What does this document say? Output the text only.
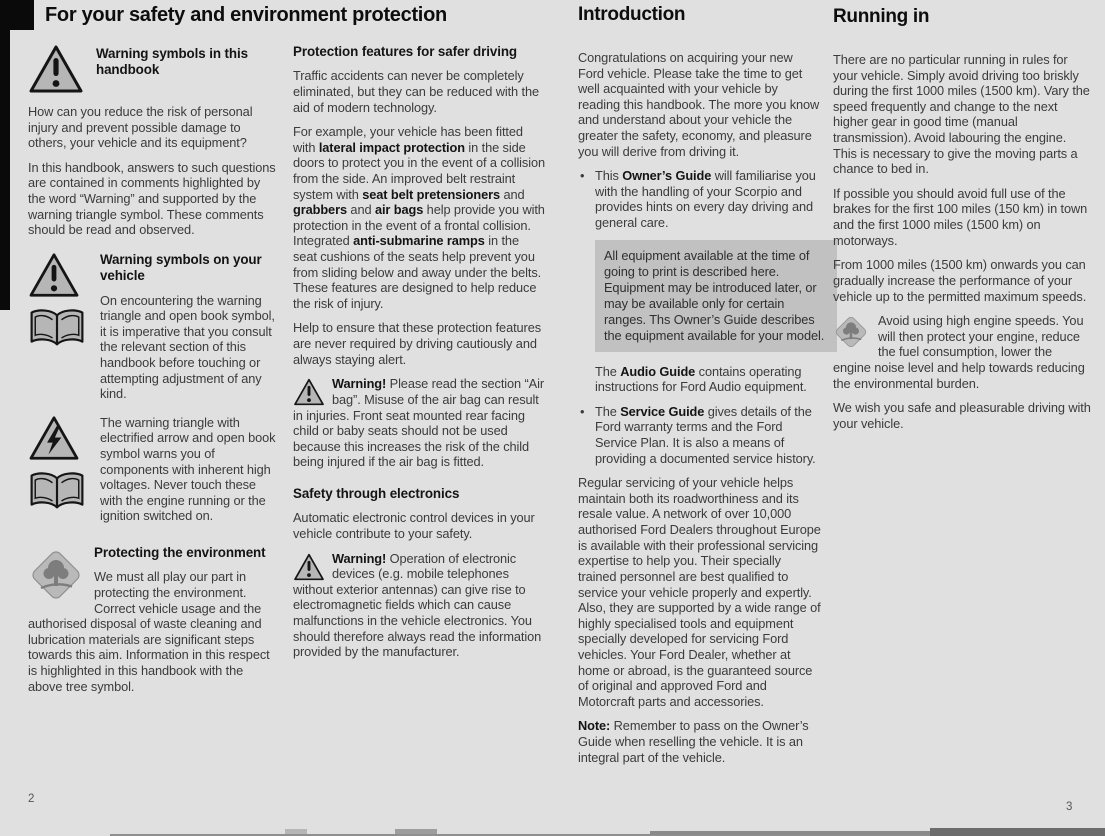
For your safety and environment protection
Warning symbols in this handbook

How can you reduce the risk of personal injury and prevent possible damage to others, your vehicle and its equipment?

In this handbook, answers to such questions are contained in comments highlighted by the word “Warning” and supported by the warning triangle symbol. These comments should be read and observed.

Warning symbols on your vehicle

On encountering the warning triangle and open book symbol, it is imperative that you consult the relevant section of this handbook before touching or attempting adjustment of any kind.

The warning triangle with electrified arrow and open book symbol warns you of components with inherent high voltages. Never touch these with the engine running or the ignition switched on.

Protecting the environment

We must all play our part in protecting the environment. Correct vehicle usage and the authorised disposal of waste cleaning and lubrication materials are significant steps towards this aim. Information in this respect is highlighted in this handbook with the above tree symbol.

Protection features for safer driving

Traffic accidents can never be completely eliminated, but they can be reduced with the aid of modern technology.

For example, your vehicle has been fitted with lateral impact protection in the side doors to protect you in the event of a collision from the side. An improved belt restraint system with seat belt pretensioners and grabbers and air bags help provide you with protection in the event of a frontal collision. Integrated anti-submarine ramps in the seat cushions of the seats help prevent you from sliding below and away under the belts. These features are designed to help reduce the risk of injury.

Help to ensure that these protection features are never required by driving cautiously and always staying alert.

Warning! Please read the section “Air bag”. Misuse of the air bag can result in injuries. Front seat mounted rear facing child or baby seats should not be used because this increases the risk of the child being injured if the air bag is fitted.

Safety through electronics

Automatic electronic control devices in your vehicle contribute to your safety.

Warning! Operation of electronic devices (e.g. mobile telephones without exterior antennas) can give rise to electromagnetic fields which can cause malfunctions in the vehicle electronics. You should therefore always read the information provided by the manufacturer.

Introduction

Congratulations on acquiring your new Ford vehicle. Please take the time to get well acquainted with your vehicle by reading this handbook. The more you know and understand about your vehicle the greater the safety, economy, and pleasure you will derive from driving it.

• This Owner’s Guide will familiarise you with the handling of your Scorpio and provides hints on every day driving and general care.
All equipment available at the time of going to print is described here. Equipment may be introduced later, or may be available only for certain ranges. Ths Owner’s Guide describes the equipment available for your model.
The Audio Guide contains operating instructions for Ford Audio equipment.
• The Service Guide gives details of the Ford warranty terms and the Ford Service Plan. It is also a means of providing a documented service history.

Regular servicing of your vehicle helps maintain both its roadworthiness and its resale value. A network of over 10,000 authorised Ford Dealers throughout Europe is available with their professional servicing expertise to help you. Their specially trained personnel are best qualified to service your vehicle properly and expertly. Also, they are supported by a wide range of highly specialised tools and equipment specially developed for servicing Ford vehicles. Your Ford Dealer, whether at home or abroad, is the guaranteed source of original and approved Ford and Motorcraft parts and accessories.

Note: Remember to pass on the Owner’s Guide when reselling the vehicle. It is an integral part of the vehicle.

Running in

There are no particular running in rules for your vehicle. Simply avoid driving too briskly during the first 1000 miles (1500 km). Vary the speed frequently and change to the next higher gear in good time (manual transmission). Avoid labouring the engine. This is necessary to give the moving parts a chance to bed in.

If possible you should avoid full use of the brakes for the first 100 miles (150 km) in town and the first 1000 miles (1500 km) on motorways.

From 1000 miles (1500 km) onwards you can gradually increase the performance of your vehicle up to the permitted maximum speeds.

Avoid using high engine speeds. You will then protect your engine, reduce the fuel consumption, lower the engine noise level and help towards reducing the environmental burden.

We wish you safe and pleasurable driving with your vehicle.

2
3
